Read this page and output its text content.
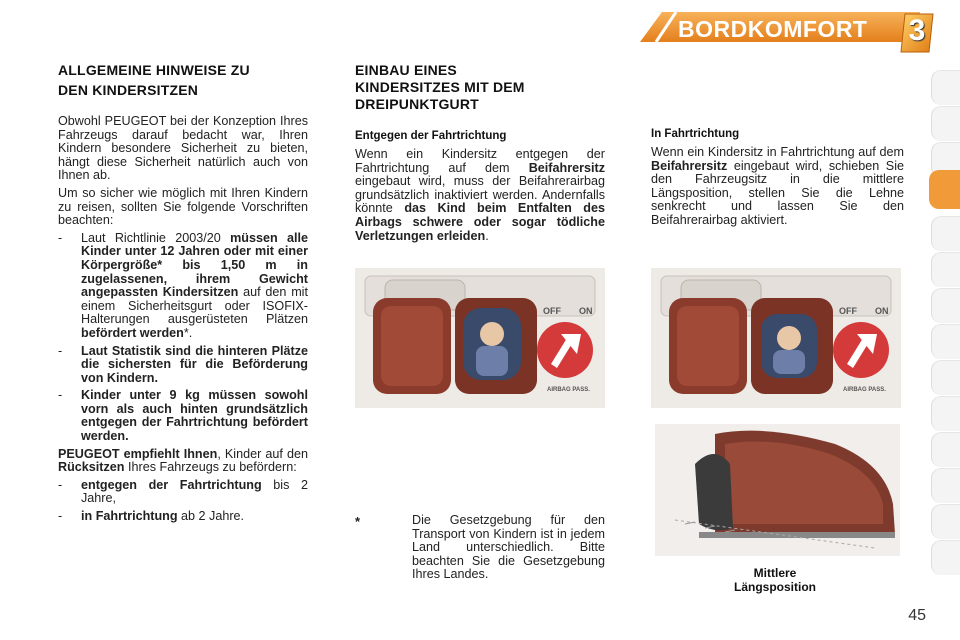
BORDKOMFORT 3
ALLGEMEINE HINWEISE ZU
DEN KINDERSITZEN

Obwohl PEUGEOT bei der Konzeption Ihres Fahrzeugs darauf bedacht war, Ihren Kindern besondere Sicherheit zu bieten, hängt diese Sicherheit natürlich auch von Ihnen ab.

Um so sicher wie möglich mit Ihren Kindern zu reisen, sollten Sie folgende Vorschriften beachten:

- Laut Richtlinie 2003/20 müssen alle Kinder unter 12 Jahren oder mit einer Körpergröße* bis 1,50 m in zugelassenen, ihrem Gewicht angepassten Kindersitzen auf den mit einem Sicherheitsgurt oder ISOFIX-Halterungen ausgerüsteten Plätzen befördert werden*.
- Laut Statistik sind die hinteren Plätze die sichersten für die Beförderung von Kindern.
- Kinder unter 9 kg müssen sowohl vorn als auch hinten grundsätzlich entgegen der Fahrtrichtung befördert werden.

PEUGEOT empfiehlt Ihnen, Kinder auf den Rücksitzen Ihres Fahrzeugs zu befördern:

- entgegen der Fahrtrichtung bis 2 Jahre,
- in Fahrtrichtung ab 2 Jahre.
EINBAU EINES
KINDERSITZES MIT DEM
DREIPUNKTGURT
Entgegen der Fahrtrichtung

Wenn ein Kindersitz entgegen der Fahrtrichtung auf dem Beifahrersitz eingebaut wird, muss der Beifahrerairbag grundsätzlich inaktiviert werden. Andernfalls könnte das Kind beim Entfalten des Airbags schwere oder sogar tödliche Verletzungen erleiden.

OFF ON
AIRBAG PASS.
*	Die Gesetzgebung für den Transport von Kindern ist in jedem Land unterschiedlich. Bitte beachten Sie die Gesetzgebung Ihres Landes.

In Fahrtrichtung

Wenn ein Kindersitz in Fahrtrichtung auf dem Beifahrersitz eingebaut wird, schieben Sie den Fahrzeugsitz in die mittlere Längsposition, stellen Sie die Lehne senkrecht und lassen Sie den Beifahrerairbag aktiviert.

OFF ON
AIRBAG PASS.
Mittlere
Längsposition
45
